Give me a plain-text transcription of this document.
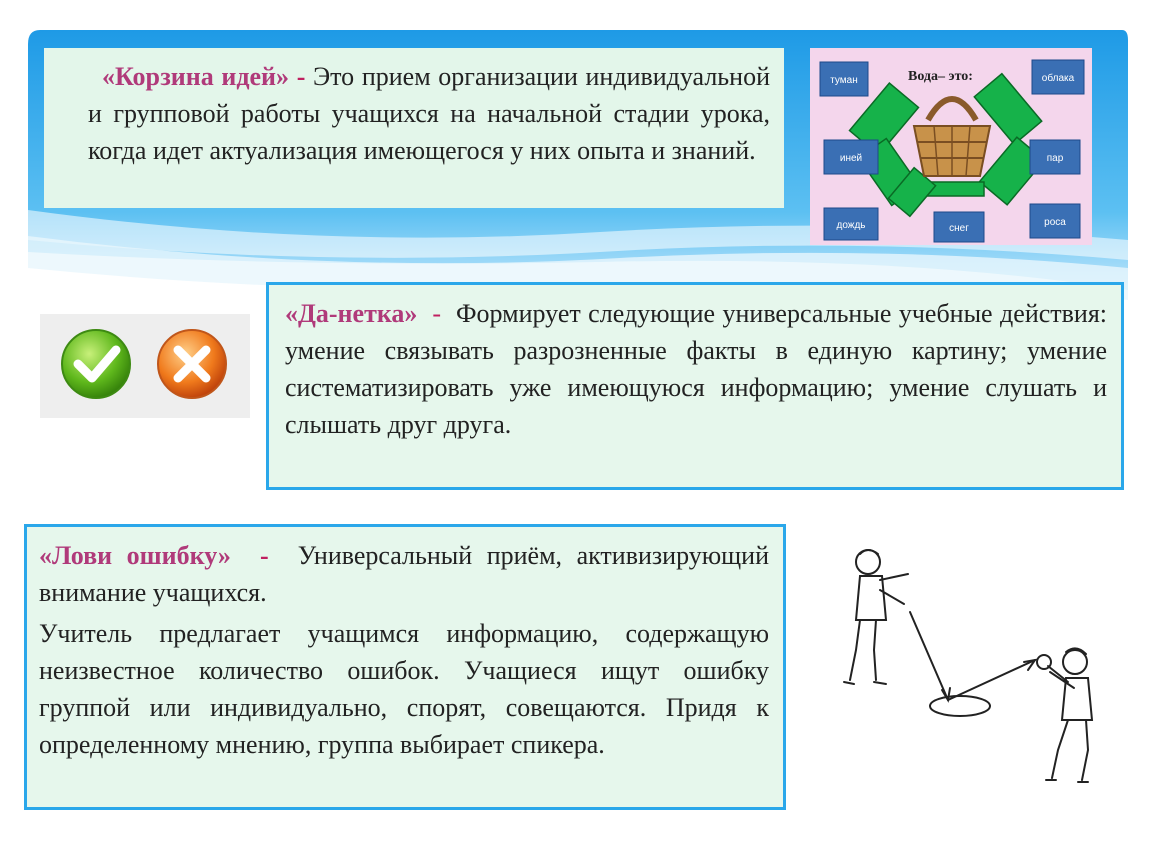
«Корзина идей» - Это прием организации индивидуальной и групповой работы учащихся на начальной стадии урока, когда идет актуализация имеющегося у них опыта и знаний.

Вода– это:
туман	облака
иней	пар
дождь	снег
роса

«Да-нетка» - Формирует следующие универсальные учебные действия: умение связывать разрозненные факты в единую картину; умение систематизировать уже имеющуюся информацию; умение слушать и слышать друг друга.

«Лови ошибку» - Универсальный приём, активизирующий внимание учащихся.

Учитель предлагает учащимся информацию, содержащую неизвестное количество ошибок. Учащиеся ищут ошибку группой или индивидуально, спорят, совещаются. Придя к определенному мнению, группа выбирает спикера.
